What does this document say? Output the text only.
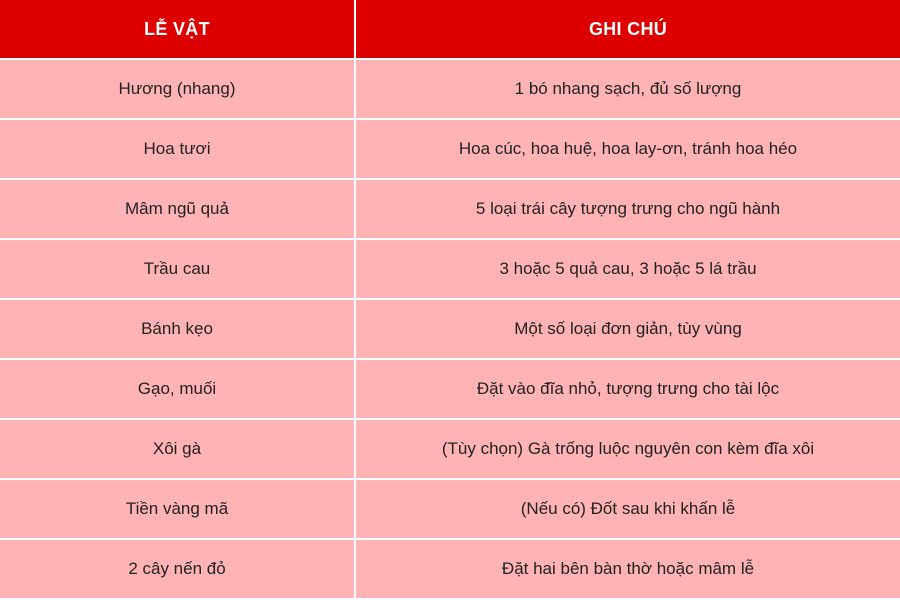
LỄ VẬT	GHI CHÚ
Hương (nhang)	1 bó nhang sạch, đủ số lượng
Hoa tươi	Hoa cúc, hoa huệ, hoa lay-ơn, tránh hoa héo
Mâm ngũ quả	5 loại trái cây tượng trưng cho ngũ hành
Trầu cau	3 hoặc 5 quả cau, 3 hoặc 5 lá trầu
Bánh kẹo	Một số loại đơn giản, tùy vùng
Gạo, muối	Đặt vào đĩa nhỏ, tượng trưng cho tài lộc
Xôi gà	(Tùy chọn) Gà trống luộc nguyên con kèm đĩa xôi
Tiền vàng mã	(Nếu có) Đốt sau khi khấn lễ
2 cây nến đỏ	Đặt hai bên bàn thờ hoặc mâm lễ
